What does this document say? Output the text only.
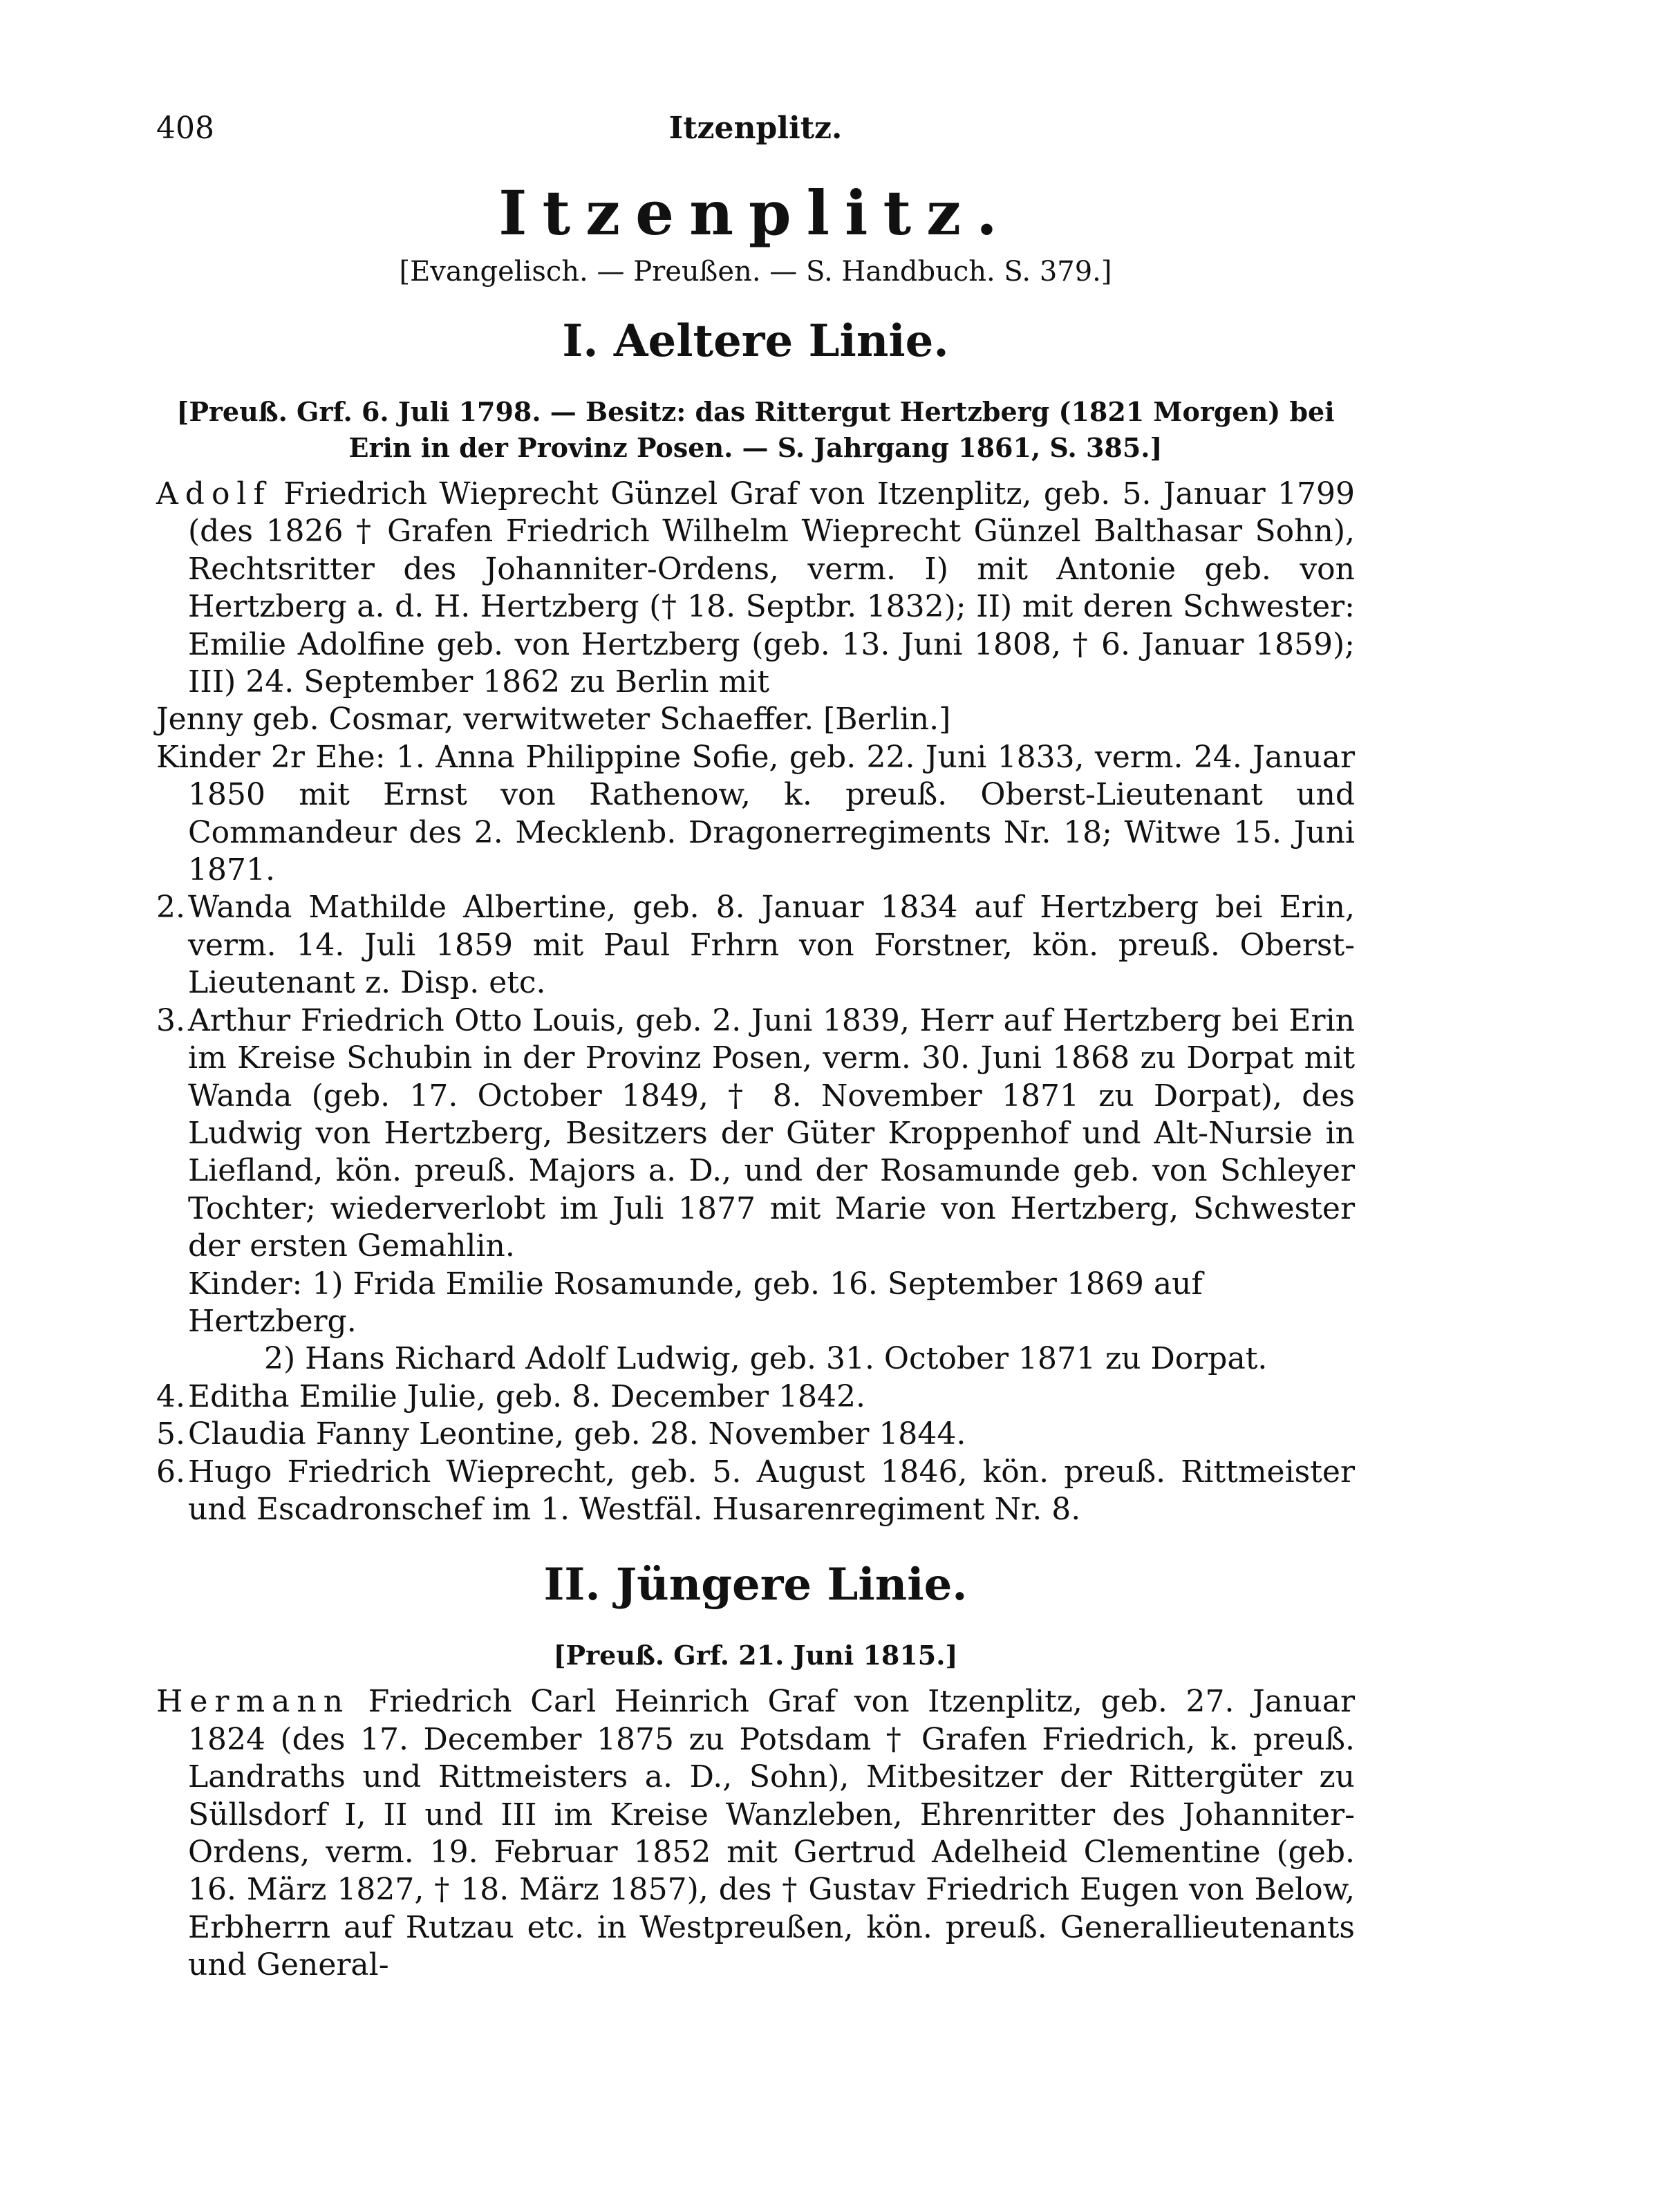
408	Itzenplitz.
Itzenplitz.
[Evangelisch. — Preußen. — S. Handbuch. S. 379.]
I. Aeltere Linie.
[Preuß. Grf. 6. Juli 1798. — Besitz: das Rittergut Hertzberg (1821 Morgen) bei Erin in der Provinz Posen. — S. Jahrgang 1861, S. 385.]

Adolf Friedrich Wieprecht Günzel Graf von Itzenplitz, geb. 5. Januar 1799 (des 1826 † Grafen Friedrich Wilhelm Wieprecht Günzel Balthasar Sohn), Rechtsritter des Johanniter-Ordens, verm. I) mit Antonie geb. von Hertzberg a. d. H. Hertzberg († 18. Septbr. 1832); II) mit deren Schwester: Emilie Adolfine geb. von Hertzberg (geb. 13. Juni 1808, † 6. Januar 1859); III) 24. September 1862 zu Berlin mit

Jenny geb. Cosmar, verwitweter Schaeffer. [Berlin.]

Kinder 2r Ehe: 1. Anna Philippine Sofie, geb. 22. Juni 1833, verm. 24. Januar 1850 mit Ernst von Rathenow, k. preuß. Oberst-Lieutenant und Commandeur des 2. Mecklenb. Dragonerregiments Nr. 18; Witwe 15. Juni 1871.

2. Wanda Mathilde Albertine, geb. 8. Januar 1834 auf Hertzberg bei Erin, verm. 14. Juli 1859 mit Paul Frhrn von Forstner, kön. preuß. Oberst-Lieutenant z. Disp. etc.
3. Arthur Friedrich Otto Louis, geb. 2. Juni 1839, Herr auf Hertzberg bei Erin im Kreise Schubin in der Provinz Posen, verm. 30. Juni 1868 zu Dorpat mit Wanda (geb. 17. October 1849, † 8. November 1871 zu Dorpat), des Ludwig von Hertzberg, Besitzers der Güter Kroppenhof und Alt-Nursie in Liefland, kön. preuß. Majors a. D., und der Rosamunde geb. von Schleyer Tochter; wiederverlobt im Juli 1877 mit Marie von Hertzberg, Schwester der ersten Gemahlin.
Kinder: 1) Frida Emilie Rosamunde, geb. 16. September 1869 auf Hertzberg.
2) Hans Richard Adolf Ludwig, geb. 31. October 1871 zu Dorpat.
4. Editha Emilie Julie, geb. 8. December 1842.
5. Claudia Fanny Leontine, geb. 28. November 1844.
6. Hugo Friedrich Wieprecht, geb. 5. August 1846, kön. preuß. Rittmeister und Escadronschef im 1. Westfäl. Husarenregiment Nr. 8.
II. Jüngere Linie.
[Preuß. Grf. 21. Juni 1815.]

Hermann Friedrich Carl Heinrich Graf von Itzenplitz, geb. 27. Januar 1824 (des 17. December 1875 zu Potsdam † Grafen Friedrich, k. preuß. Landraths und Rittmeisters a. D., Sohn), Mitbesitzer der Rittergüter zu Süllsdorf I, II und III im Kreise Wanzleben, Ehrenritter des Johanniter-Ordens, verm. 19. Februar 1852 mit Gertrud Adelheid Clementine (geb. 16. März 1827, † 18. März 1857), des † Gustav Friedrich Eugen von Below, Erbherrn auf Rutzau etc. in Westpreußen, kön. preuß. Generallieutenants und General-
